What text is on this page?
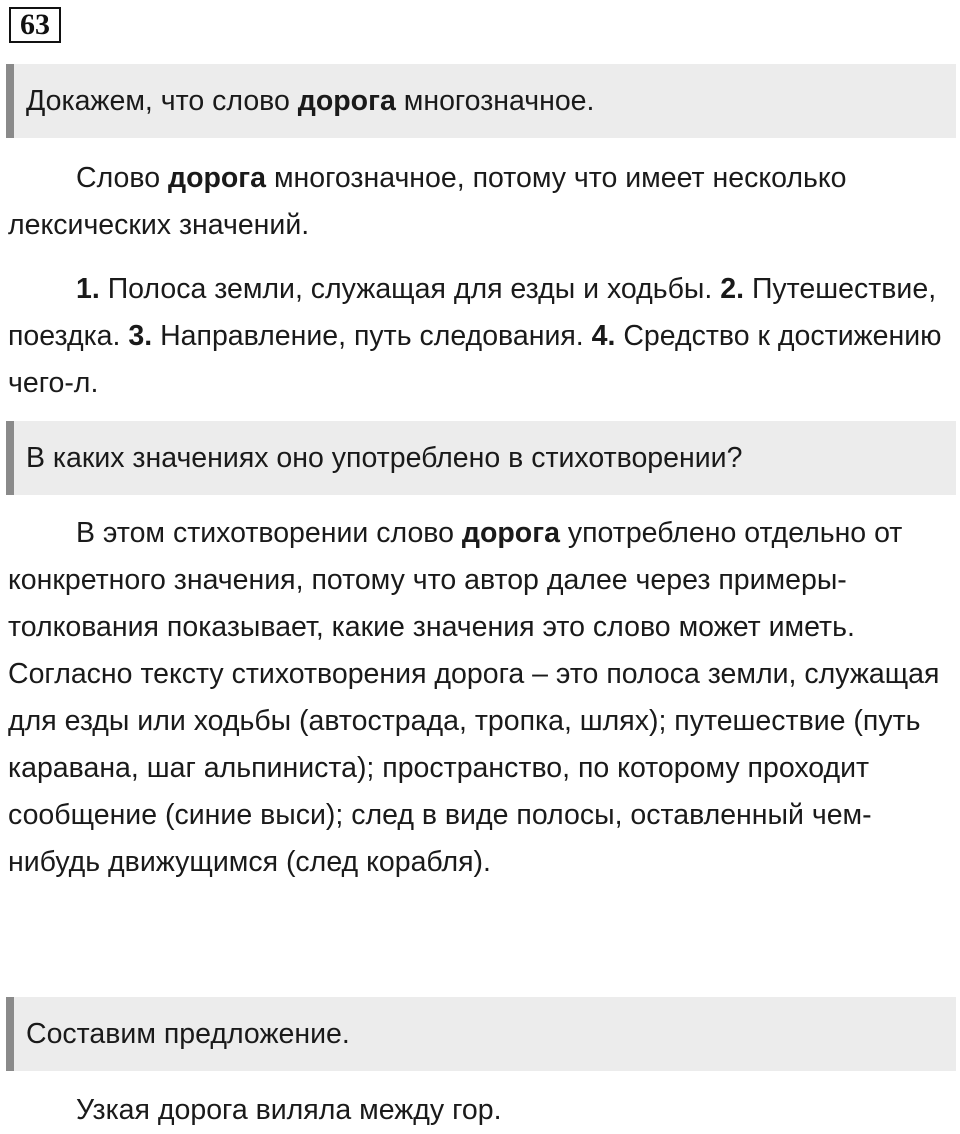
63
Докажем, что слово дорога многозначное.
Слово дорога многозначное, потому что имеет несколько лексических значений.
1. Полоса земли, служащая для езды и ходьбы. 2. Путешествие, поездка. 3. Направление, путь следования. 4. Средство к достижению чего-л.
В каких значениях оно употреблено в стихотворении?
В этом стихотворении слово дорога употреблено отдельно от конкретного значения, потому что автор далее через примеры-толкования показывает, какие значения это слово может иметь. Согласно тексту стихотворения дорога – это полоса земли, служащая для езды или ходьбы (автострада, тропка, шлях); путешествие (путь каравана, шаг альпиниста); пространство, по которому проходит сообщение (синие выси); след в виде полосы, оставленный чем-нибудь движущимся (след корабля).
Составим предложение.
Узкая дорога виляла между гор.
